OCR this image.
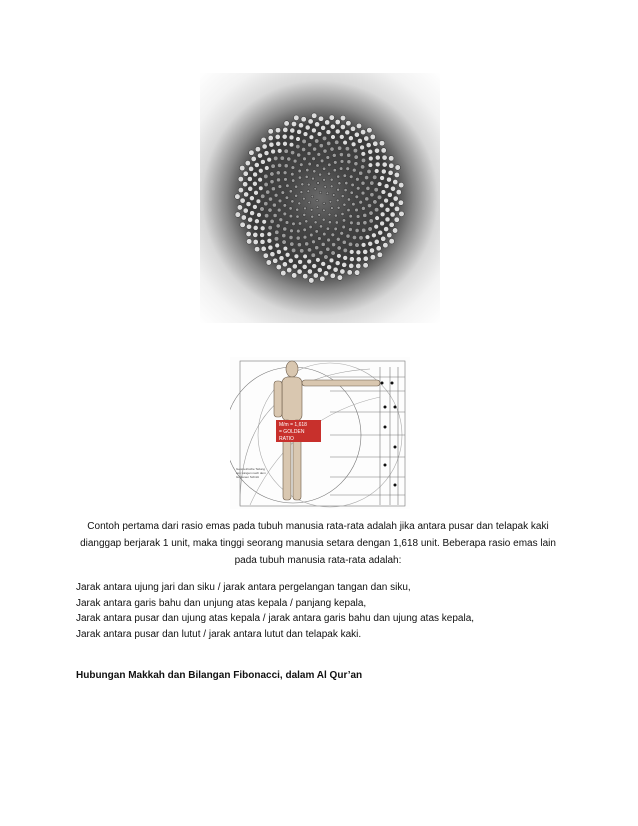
M/m = 1,618
= GOLDEN RATIO
Geometrische Teilung von Längen nach dem Goldenen Schnitt
Contoh pertama dari rasio emas pada tubuh manusia rata-rata adalah jika antara pusar dan telapak kaki
dianggap berjarak 1 unit, maka tinggi seorang manusia setara dengan 1,618 unit. Beberapa rasio emas lain
pada tubuh manusia rata-rata adalah:
Jarak antara ujung jari dan siku / jarak antara pergelangan tangan dan siku,
Jarak antara garis bahu dan unjung atas kepala / panjang kepala,
Jarak antara pusar dan ujung atas kepala / jarak antara garis bahu dan ujung atas kepala,
Jarak antara pusar dan lutut / jarak antara lutut dan telapak kaki.
Hubungan Makkah dan Bilangan Fibonacci, dalam Al Qur’an
